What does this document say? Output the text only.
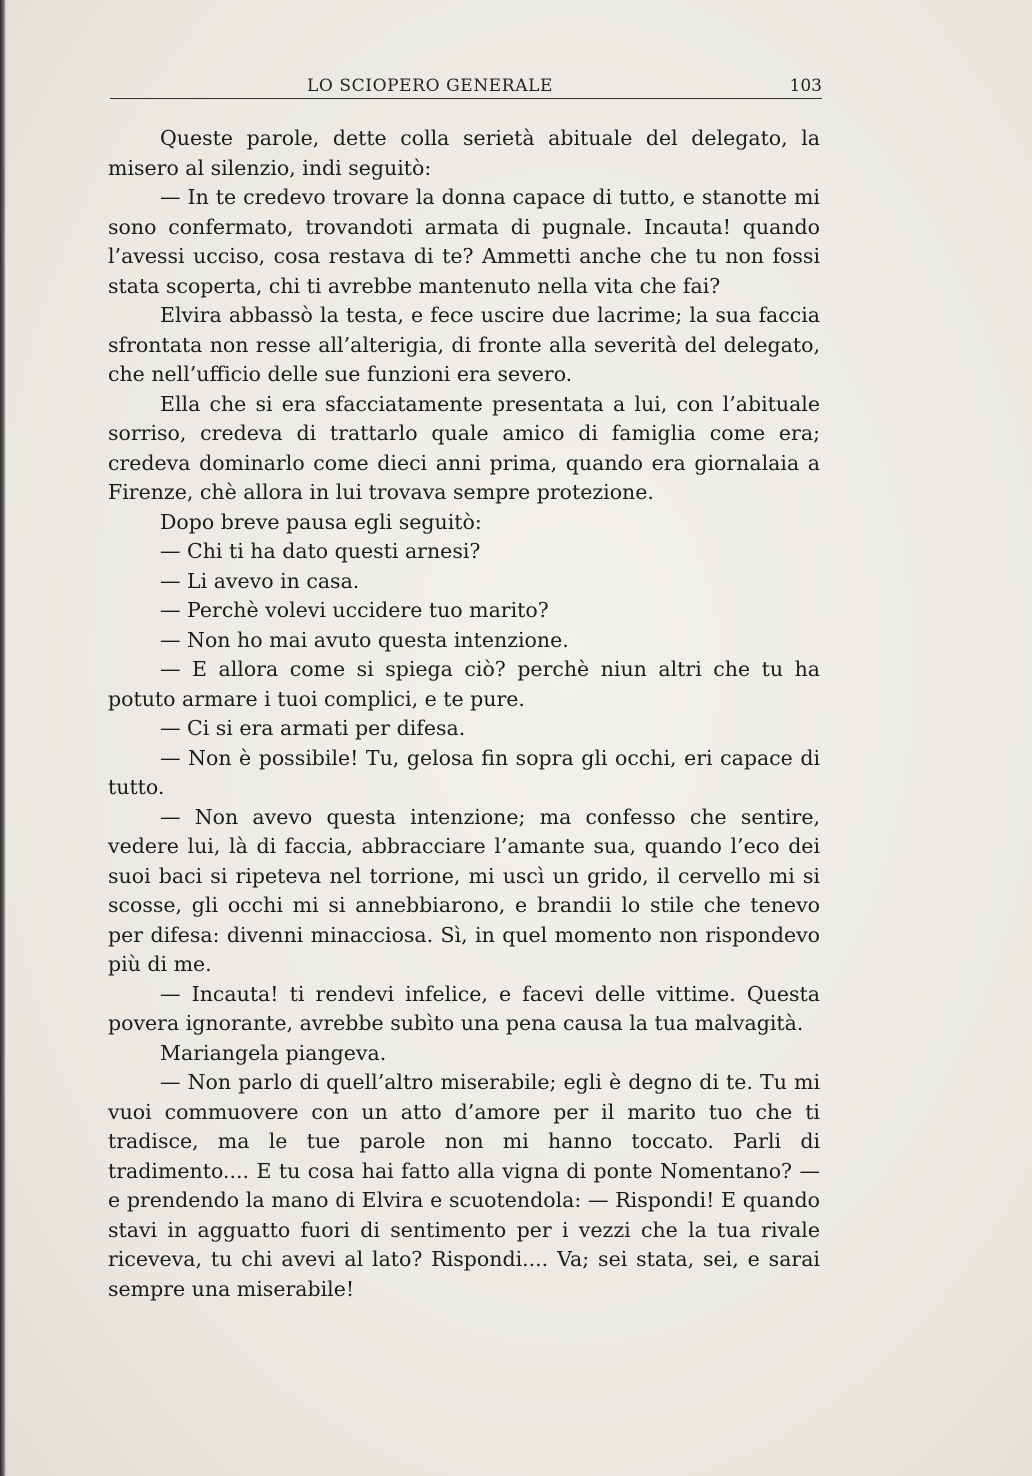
LO SCIOPERO GENERALE	103

Queste parole, dette colla serietà abituale del delegato, la misero al silenzio, indi seguitò:

— In te credevo trovare la donna capace di tutto, e stanotte mi sono confermato, trovandoti armata di pugnale. Incauta! quando l’avessi ucciso, cosa restava di te? Ammetti anche che tu non fossi stata scoperta, chi ti avrebbe mantenuto nella vita che fai?

Elvira abbassò la testa, e fece uscire due lacrime; la sua faccia sfrontata non resse all’alterigia, di fronte alla severità del delegato, che nell’ufficio delle sue funzioni era severo.

Ella che si era sfacciatamente presentata a lui, con l’abituale sorriso, credeva di trattarlo quale amico di famiglia come era; credeva dominarlo come dieci anni prima, quando era giornalaia a Firenze, chè allora in lui trovava sempre protezione.

Dopo breve pausa egli seguitò:

— Chi ti ha dato questi arnesi?

— Li avevo in casa.

— Perchè volevi uccidere tuo marito?

— Non ho mai avuto questa intenzione.

— E allora come si spiega ciò? perchè niun altri che tu ha potuto armare i tuoi complici, e te pure.

— Ci si era armati per difesa.

— Non è possibile! Tu, gelosa fin sopra gli occhi, eri capace di tutto.

— Non avevo questa intenzione; ma confesso che sentire, vedere lui, là di faccia, abbracciare l’amante sua, quando l’eco dei suoi baci si ripeteva nel torrione, mi uscì un grido, il cervello mi si scosse, gli occhi mi si annebbiarono, e brandii lo stile che tenevo per difesa: divenni minacciosa. Sì, in quel momento non rispondevo più di me.

— Incauta! ti rendevi infelice, e facevi delle vittime. Questa povera ignorante, avrebbe subìto una pena causa la tua malvagità.

Mariangela piangeva.

— Non parlo di quell’altro miserabile; egli è degno di te. Tu mi vuoi commuovere con un atto d’amore per il marito tuo che ti tradisce, ma le tue parole non mi hanno toccato. Parli di tradimento.... E tu cosa hai fatto alla vigna di ponte Nomentano? — e prendendo la mano di Elvira e scuotendola: — Rispondi! E quando stavi in agguatto fuori di sentimento per i vezzi che la tua rivale riceveva, tu chi avevi al lato? Rispondi.... Va; sei stata, sei, e sarai sempre una miserabile!
